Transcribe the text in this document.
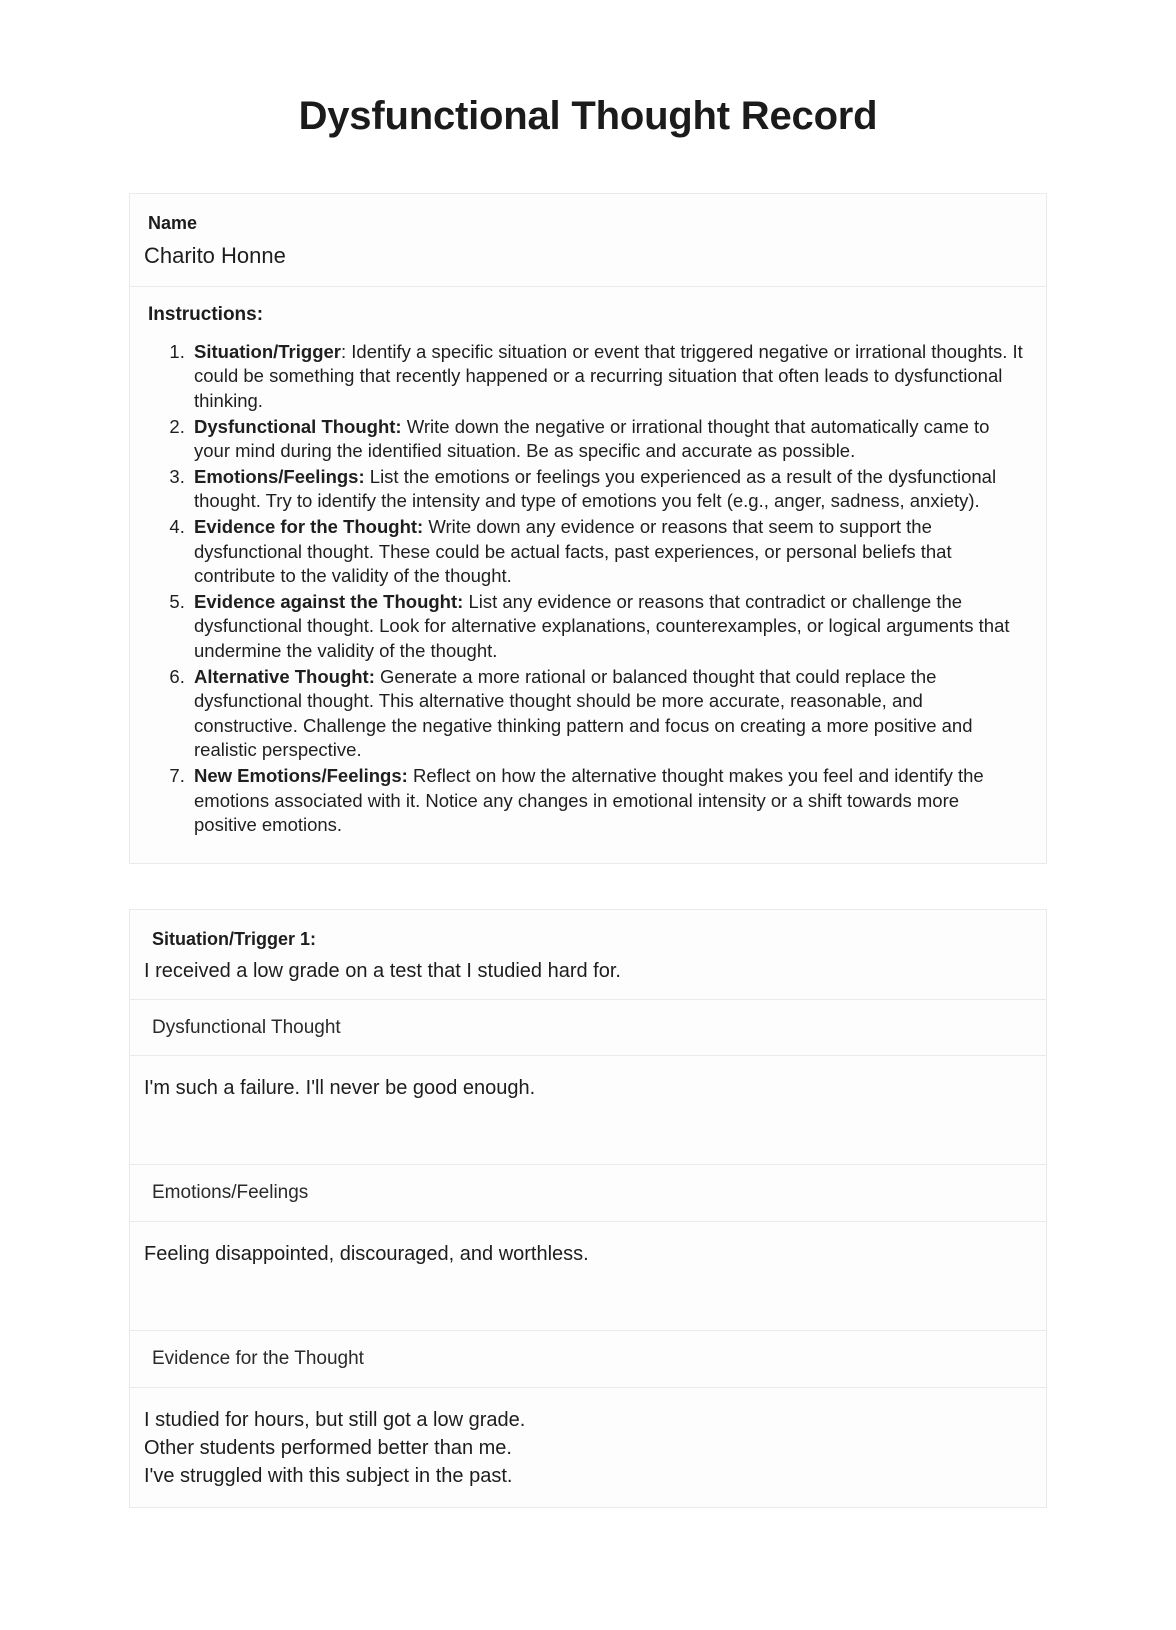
Dysfunctional Thought Record
Name
Charito Honne
Instructions:
1. Situation/Trigger: Identify a specific situation or event that triggered negative or irrational thoughts. It could be something that recently happened or a recurring situation that often leads to dysfunctional thinking.
2. Dysfunctional Thought: Write down the negative or irrational thought that automatically came to your mind during the identified situation. Be as specific and accurate as possible.
3. Emotions/Feelings: List the emotions or feelings you experienced as a result of the dysfunctional thought. Try to identify the intensity and type of emotions you felt (e.g., anger, sadness, anxiety).
4. Evidence for the Thought: Write down any evidence or reasons that seem to support the dysfunctional thought. These could be actual facts, past experiences, or personal beliefs that contribute to the validity of the thought.
5. Evidence against the Thought: List any evidence or reasons that contradict or challenge the dysfunctional thought. Look for alternative explanations, counterexamples, or logical arguments that undermine the validity of the thought.
6. Alternative Thought: Generate a more rational or balanced thought that could replace the dysfunctional thought. This alternative thought should be more accurate, reasonable, and constructive. Challenge the negative thinking pattern and focus on creating a more positive and realistic perspective.
7. New Emotions/Feelings: Reflect on how the alternative thought makes you feel and identify the emotions associated with it. Notice any changes in emotional intensity or a shift towards more positive emotions.
Situation/Trigger 1:
I received a low grade on a test that I studied hard for.
Dysfunctional Thought
I'm such a failure. I'll never be good enough.
Emotions/Feelings
Feeling disappointed, discouraged, and worthless.
Evidence for the Thought
I studied for hours, but still got a low grade.
Other students performed better than me.
I've struggled with this subject in the past.
